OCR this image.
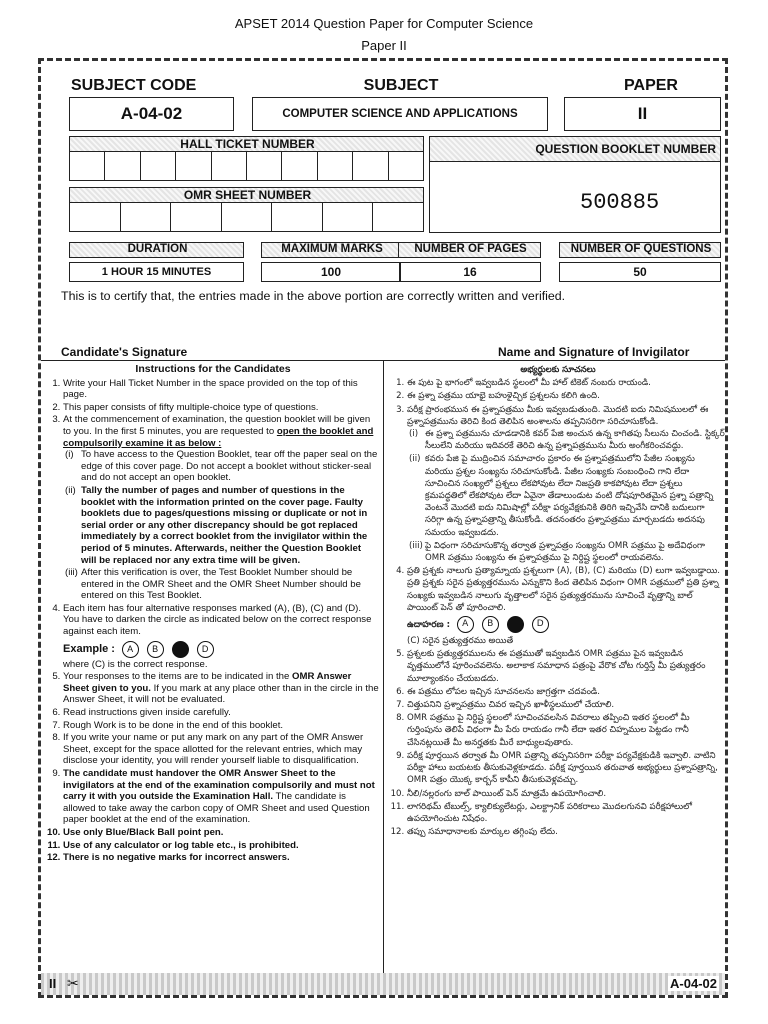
APSET 2014 Question Paper for Computer Science
Paper II
SUBJECT CODE
A-04-02
SUBJECT
COMPUTER SCIENCE AND APPLICATIONS
PAPER
II
HALL TICKET NUMBER
OMR SHEET NUMBER
QUESTION BOOKLET NUMBER
500885
DURATION
1 HOUR 15 MINUTES
MAXIMUM MARKS
100
NUMBER OF PAGES
16
NUMBER OF QUESTIONS
50
This is to certify that, the entries made in the above portion are correctly written and verified.
Candidate's Signature	Name and Signature of Invigilator
Instructions for the Candidates
1. Write your Hall Ticket Number in the space provided on the top of this page.
2. This paper consists of fifty multiple-choice type of questions.
3. At the commencement of examination, the question booklet will be given to you. In the first 5 minutes, you are requested to open the booklet and compulsorily examine it as below :
(i) To have access to the Question Booklet, tear off the paper seal on the edge of this cover page. Do not accept a booklet without sticker-seal and do not accept an open booklet.
(ii) Tally the number of pages and number of questions in the booklet with the information printed on the cover page. Faulty booklets due to pages/questions missing or duplicate or not in serial order or any other discrepancy should be got replaced immediately by a correct booklet from the invigilator within the period of 5 minutes. Afterwards, neither the Question Booklet will be replaced nor any extra time will be given.
(iii) After this verification is over, the Test Booklet Number should be entered in the OMR Sheet and the OMR Sheet Number should be entered on this Test Booklet.
4. Each item has four alternative responses marked (A), (B), (C) and (D). You have to darken the circle as indicated below on the correct response against each item.
Example : A B	D
where (C) is the correct response.
5. Your responses to the items are to be indicated in the OMR Answer Sheet given to you. If you mark at any place other than in the circle in the Answer Sheet, it will not be evaluated.
6. Read instructions given inside carefully.
7. Rough Work is to be done in the end of this booklet.
8. If you write your name or put any mark on any part of the OMR Answer Sheet, except for the space allotted for the relevant entries, which may disclose your identity, you will render yourself liable to disqualification.
9. The candidate must handover the OMR Answer Sheet to the invigilators at the end of the examination compulsorily and must not carry it with you outside the Examination Hall. The candidate is allowed to take away the carbon copy of OMR Sheet and used Question paper booklet at the end of the examination.
10. Use only Blue/Black Ball point pen.
11. Use of any calculator or log table etc., is prohibited.
12. There is no negative marks for incorrect answers.
అభ్యర్థులకు సూచనలు
1. ఈ పుట పై భాగంలో ఇవ్వబడిన స్థలంలో మీ హాల్ టికెట్ నంబరు రాయండి.
2. ఈ ప్రశ్నా పత్రము యాభై బహుళైచ్ఛిక ప్రశ్నలను కలిగి ఉంది.
3. పరీక్ష ప్రారంభమున ఈ ప్రశ్నాపత్రము మీకు ఇవ్వబడుతుంది. మొదటి ఐదు నిమిషములలో ఈ ప్రశ్నాపత్రమును తెరిచి కింద తెలిపిన అంశాలను తప్పనిసరిగా సరిచూసుకోండి.
(i) ఈ ప్రశ్నా పత్రమును చూడడానికి కవర్ పేజి అంచున ఉన్న కాగితపు సీలును చించండి. స్టిక్కర్ సీలులేని మరియు ఇదివరకే తెరిచి ఉన్న ప్రశ్నాపత్రమును మీరు అంగీకరించవద్దు.
(ii) కవరు పేజి పై ముద్రించిన సమాచారం ప్రకారం ఈ ప్రశ్నాపత్రములోని పేజీల సంఖ్యను మరియు ప్రశ్నల సంఖ్యను సరిచూసుకోండి. పేజీల సంఖ్యకు సంబంధించి గాని లేదా సూచించిన సంఖ్యలో ప్రశ్నలు లేకపోవుట లేదా నిజప్రతి కాకపోవుట లేదా ప్రశ్నలు క్రమపద్ధతిలో లేకపోవుట లేదా ఏవైనా తేడాలుండుట వంటి దోషపూరితమైన ప్రశ్నా పత్రాన్ని వెంటనే మొదటి ఐదు నిమిషాల్లో పరీక్షా పర్యవేక్షకునికి తిరిగి ఇచ్చివేసి దానికి బదులుగా సరిగ్గా ఉన్న ప్రశ్నాపత్రాన్ని తీసుకోండి. తదనంతరం ప్రశ్నాపత్రము మార్చబడదు అదనపు సమయం ఇవ్వబడదు.
(iii) పై విధంగా సరిచూసుకొన్న తర్వాత ప్రశ్నాపత్రం సంఖ్యను OMR పత్రము పై అదేవిధంగా OMR పత్రము సంఖ్యను ఈ ప్రశ్నాపత్రము పై నిర్దిష్ట స్థలంలో రాయవలెను.
4. ప్రతి ప్రశ్నకు నాలుగు ప్రత్యామ్నాయ ప్రశ్నలుగా (A), (B), (C) మరియు (D) లుగా ఇవ్వబడ్డాయి. ప్రతి ప్రశ్నకు సరైన ప్రత్యుత్తరమును ఎన్నుకొని కింద తెలిపిన విధంగా OMR పత్రములో ప్రతి ప్రశ్నా సంఖ్యకు ఇవ్వబడిన నాలుగు వృత్తాలలో సరైన ప్రత్యుత్తరమును సూచించే వృత్తాన్ని బాల్ పాయింట్ పెన్ తో పూరించాలి.
ఉదాహరణ : A B	D
(C) సరైన ప్రత్యుత్తరము అయితే
5. ప్రశ్నలకు ప్రత్యుత్తరములను ఈ పత్రముతో ఇవ్వబడిన OMR పత్రము పైన ఇవ్వబడిన వృత్తములోనే పూరించవలెను. అలాకాక సమాధాన పత్రంపై వేరొక చోట గుర్తిస్తే మీ ప్రత్యుత్తరం మూల్యాంకనం చేయబడదు.
6. ఈ పత్రము లోపల ఇచ్చిన సూచనలను జాగ్రత్తగా చదవండి.
7. చిత్తుపనిని ప్రశ్నాపత్రము చివర ఇచ్చిన ఖాళీస్థలములో చేయాలి.
8. OMR పత్రము పై నిర్దిష్ట స్థలంలో సూచించవలసిన వివరాలు తప్పించి ఇతర స్థలంలో మీ గుర్తింపును తెలిపే విధంగా మీ పేరు రాయడం గానీ లేదా ఇతర చిహ్నముల పెట్టడం గానీ చేసినట్లయితే మీ అనర్హతకు మీరే బాధ్యులవుతారు.
9. పరీక్ష పూర్తయిన తర్వాత మీ OMR పత్రాన్ని తప్పనిసరిగా పరీక్షా పర్యవేక్షకుడికి ఇవ్వాలి. వాటిని పరీక్షా హాలు బయటకు తీసుకువెళ్లకూడదు. పరీక్ష పూర్తయిన తరువాత అభ్యర్థులు ప్రశ్నాపత్రాన్ని, OMR పత్రం యొక్క కార్బన్ కాపీని తీసుకువెళ్లవచ్చు.
10. నీలి/నల్లరంగు బాల్ పాయింట్ పెన్ మాత్రమే ఉపయోగించాలి.
11. లాగరిథమ్ టేబుల్స్, క్యాలిక్యులేటర్లు, ఎలక్ట్రానిక్ పరికరాలు మొదలగునవి పరీక్షహాలులో ఉపయోగించుట నిషేధం.
12. తప్పు సమాధానాలకు మార్కుల తగ్గింపు లేదు.
II ✂	A-04-02
